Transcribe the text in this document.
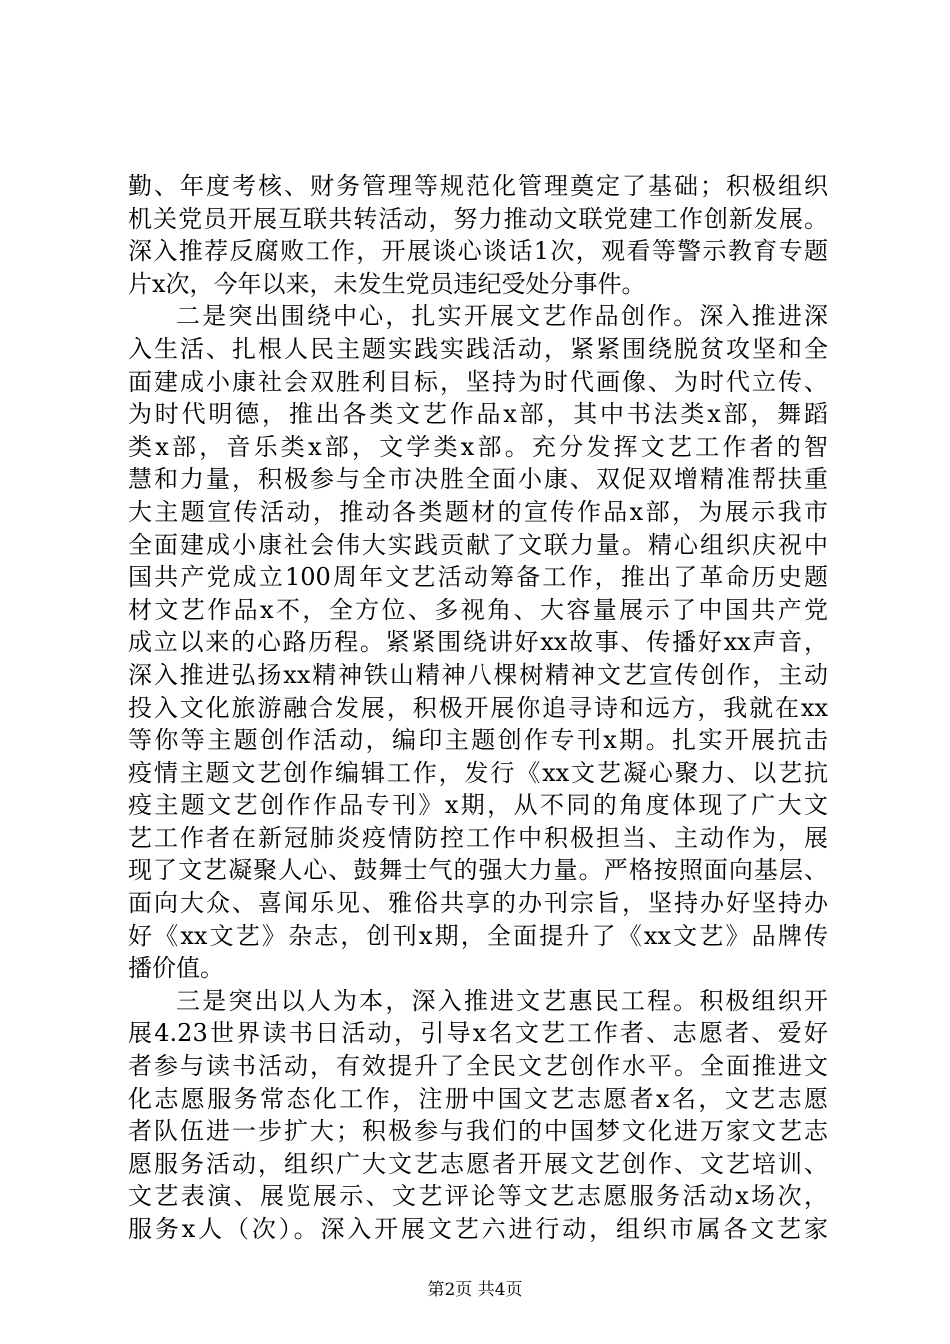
勤、年度考核、财务管理等规范化管理奠定了基础；积极组织
机关党员开展互联共转活动，努力推动文联党建工作创新发展。
深入推荐反腐败工作，开展谈心谈话1次，观看等警示教育专题
片x次，今年以来，未发生党员违纪受处分事件。
二是突出围绕中心，扎实开展文艺作品创作。深入推进深
入生活、扎根人民主题实践实践活动，紧紧围绕脱贫攻坚和全
面建成小康社会双胜利目标，坚持为时代画像、为时代立传、
为时代明德，推出各类文艺作品x部，其中书法类x部，舞蹈
类x部，音乐类x部，文学类x部。充分发挥文艺工作者的智
慧和力量，积极参与全市决胜全面小康、双促双增精准帮扶重
大主题宣传活动，推动各类题材的宣传作品x部，为展示我市
全面建成小康社会伟大实践贡献了文联力量。精心组织庆祝中
国共产党成立100周年文艺活动筹备工作，推出了革命历史题
材文艺作品x不，全方位、多视角、大容量展示了中国共产党
成立以来的心路历程。紧紧围绕讲好xx故事、传播好xx声音，
深入推进弘扬xx精神铁山精神八棵树精神文艺宣传创作，主动
投入文化旅游融合发展，积极开展你追寻诗和远方，我就在xx
等你等主题创作活动，编印主题创作专刊x期。扎实开展抗击
疫情主题文艺创作编辑工作，发行《xx文艺凝心聚力、以艺抗
疫主题文艺创作作品专刊》x期，从不同的角度体现了广大文
艺工作者在新冠肺炎疫情防控工作中积极担当、主动作为，展
现了文艺凝聚人心、鼓舞士气的强大力量。严格按照面向基层、
面向大众、喜闻乐见、雅俗共享的办刊宗旨，坚持办好坚持办
好《xx文艺》杂志，创刊x期，全面提升了《xx文艺》品牌传
播价值。
三是突出以人为本，深入推进文艺惠民工程。积极组织开
展4.23世界读书日活动，引导x名文艺工作者、志愿者、爱好
者参与读书活动，有效提升了全民文艺创作水平。全面推进文
化志愿服务常态化工作，注册中国文艺志愿者x名，文艺志愿
者队伍进一步扩大；积极参与我们的中国梦文化进万家文艺志
愿服务活动，组织广大文艺志愿者开展文艺创作、文艺培训、
文艺表演、展览展示、文艺评论等文艺志愿服务活动x场次，
服务x人（次）。深入开展文艺六进行动，组织市属各文艺家
第2页 共4页
